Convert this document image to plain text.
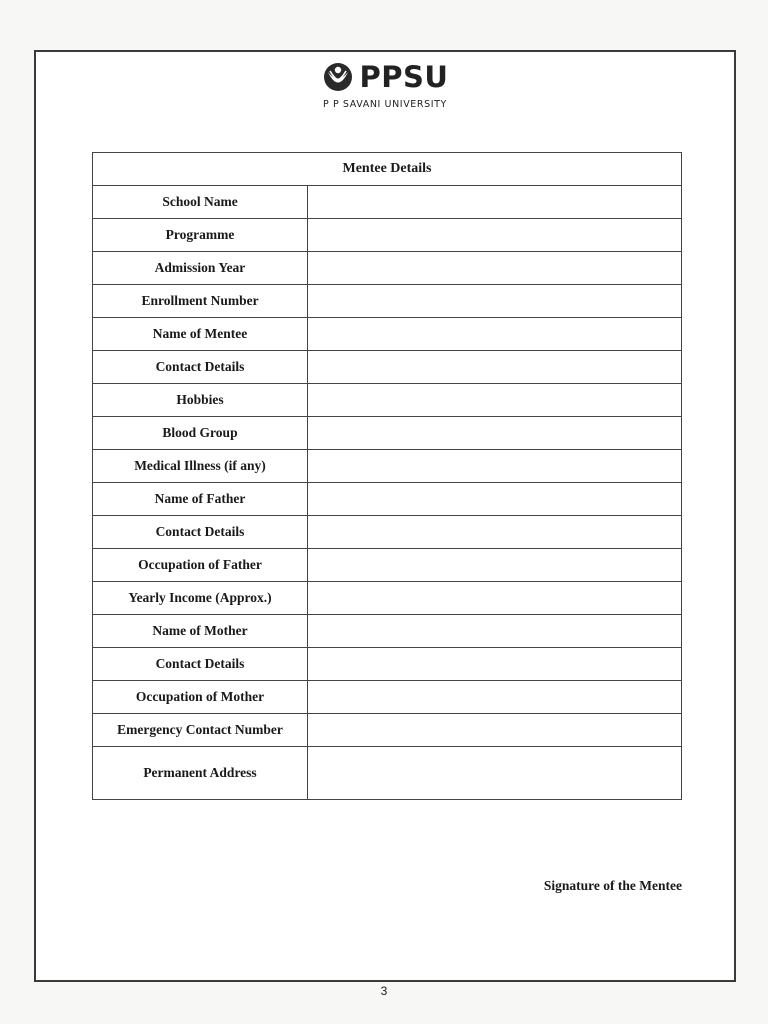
PPSU
P P SAVANI UNIVERSITY
Mentee Details	
School Name	
Programme	
Admission Year	
Enrollment Number	
Name of Mentee	
Contact Details	
Hobbies	
Blood Group	
Medical Illness (if any)	
Name of Father	
Contact Details	
Occupation of Father	
Yearly Income (Approx.)	
Name of Mother	
Contact Details	
Occupation of Mother	
Emergency Contact Number	
Permanent Address	
Signature of the Mentee
3
